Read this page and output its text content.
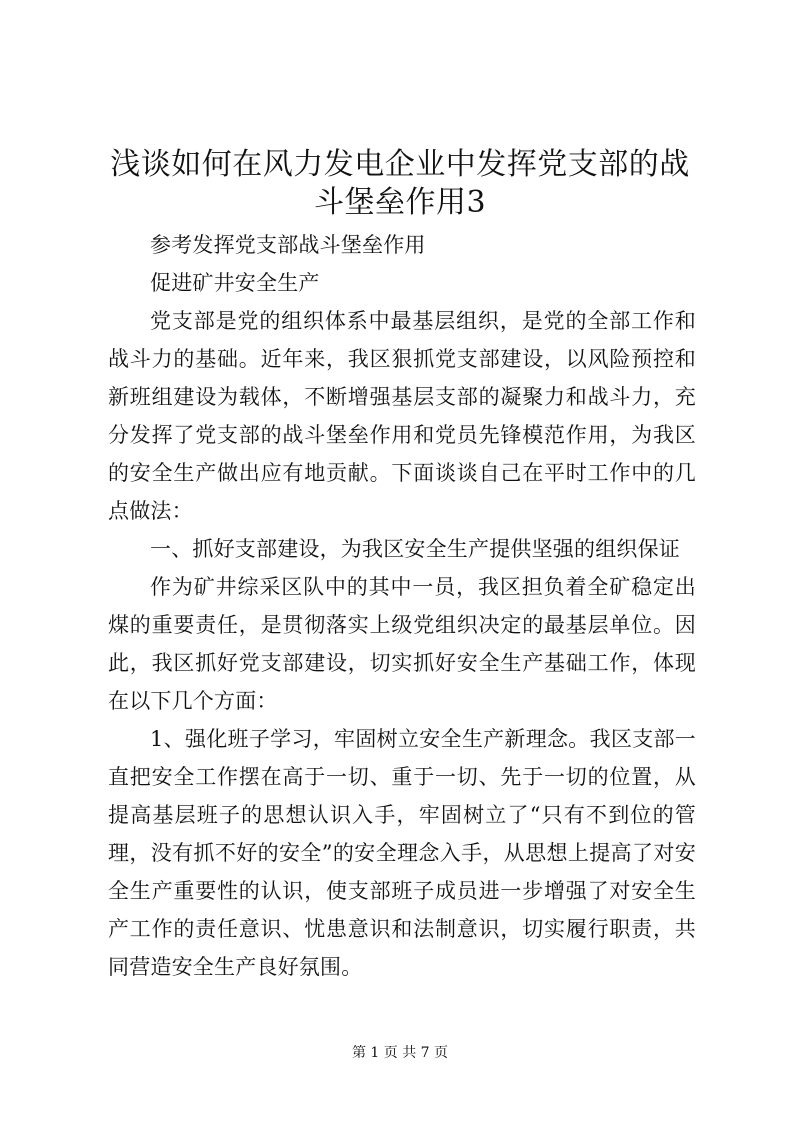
浅谈如何在风力发电企业中发挥党支部的战斗堡垒作用3

参考发挥党支部战斗堡垒作用

促进矿井安全生产

党支部是党的组织体系中最基层组织，是党的全部工作和战斗力的基础。近年来，我区狠抓党支部建设，以风险预控和新班组建设为载体，不断增强基层支部的凝聚力和战斗力，充分发挥了党支部的战斗堡垒作用和党员先锋模范作用，为我区的安全生产做出应有地贡献。下面谈谈自己在平时工作中的几点做法：

一、抓好支部建设，为我区安全生产提供坚强的组织保证

作为矿井综采区队中的其中一员，我区担负着全矿稳定出煤的重要责任，是贯彻落实上级党组织决定的最基层单位。因此，我区抓好党支部建设，切实抓好安全生产基础工作，体现在以下几个方面：

1、强化班子学习，牢固树立安全生产新理念。我区支部一直把安全工作摆在高于一切、重于一切、先于一切的位置，从提高基层班子的思想认识入手，牢固树立了“只有不到位的管理，没有抓不好的安全”的安全理念入手，从思想上提高了对安全生产重要性的认识，使支部班子成员进一步增强了对安全生产工作的责任意识、忧患意识和法制意识，切实履行职责，共同营造安全生产良好氛围。

第 1 页 共 7 页
